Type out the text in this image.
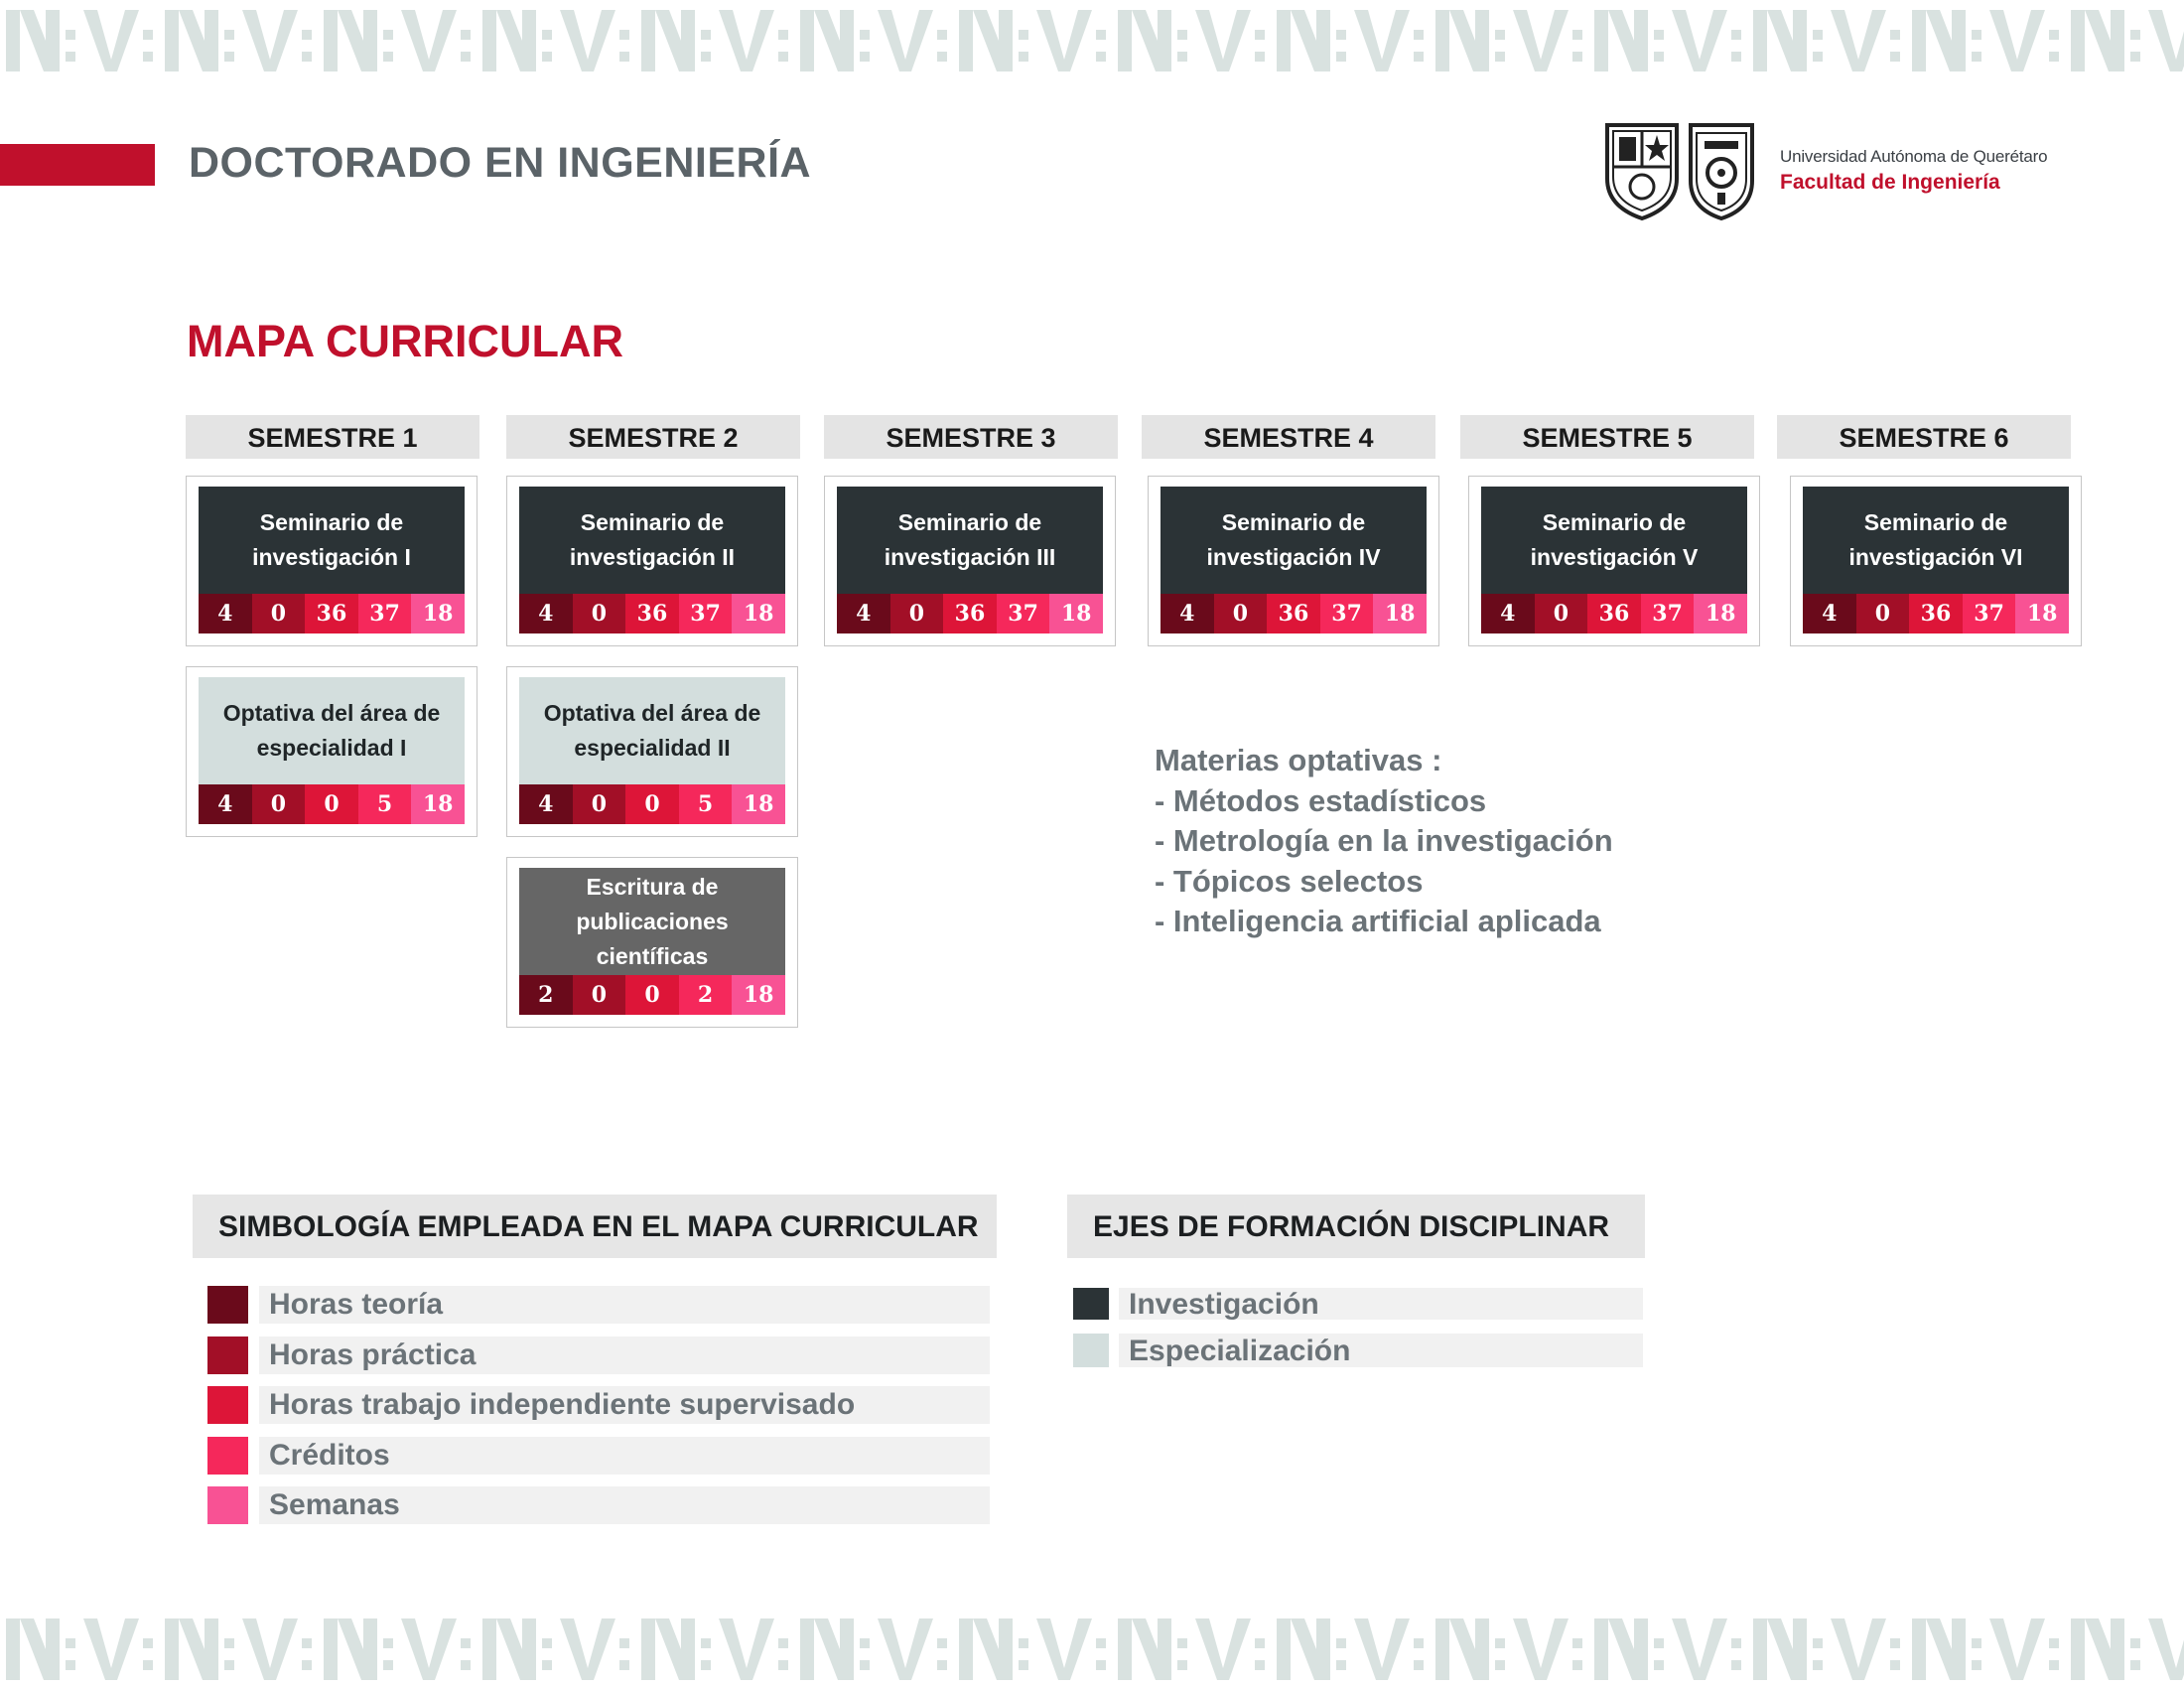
DOCTORADO EN INGENIERÍA	Universidad Autónoma de Querétaro
Facultad de Ingeniería
MAPA CURRICULAR
SEMESTRE 1	SEMESTRE 2	SEMESTRE 3	SEMESTRE 4	SEMESTRE 5	SEMESTRE 6
Seminario de investigación I
4	0	36	37	18
Optativa del área de especialidad I
4	0	0	5	18
Seminario de investigación II
4	0	36	37	18
Optativa del área de especialidad II
4	0	0	5	18
Escritura de publicaciones científicas
2	0	0	2	18
Seminario de investigación III
4	0	36	37	18
Seminario de investigación IV
4	0	36	37	18
Seminario de investigación V
4	0	36	37	18
Seminario de investigación VI
4	0	36	37	18
Materias optativas :
- Métodos estadísticos
- Metrología en la investigación
- Tópicos selectos
- Inteligencia artificial aplicada
SIMBOLOGÍA EMPLEADA EN EL MAPA CURRICULAR
Horas teoría
Horas práctica
Horas trabajo independiente supervisado
Créditos
Semanas
EJES DE FORMACIÓN DISCIPLINAR
Investigación
Especialización
